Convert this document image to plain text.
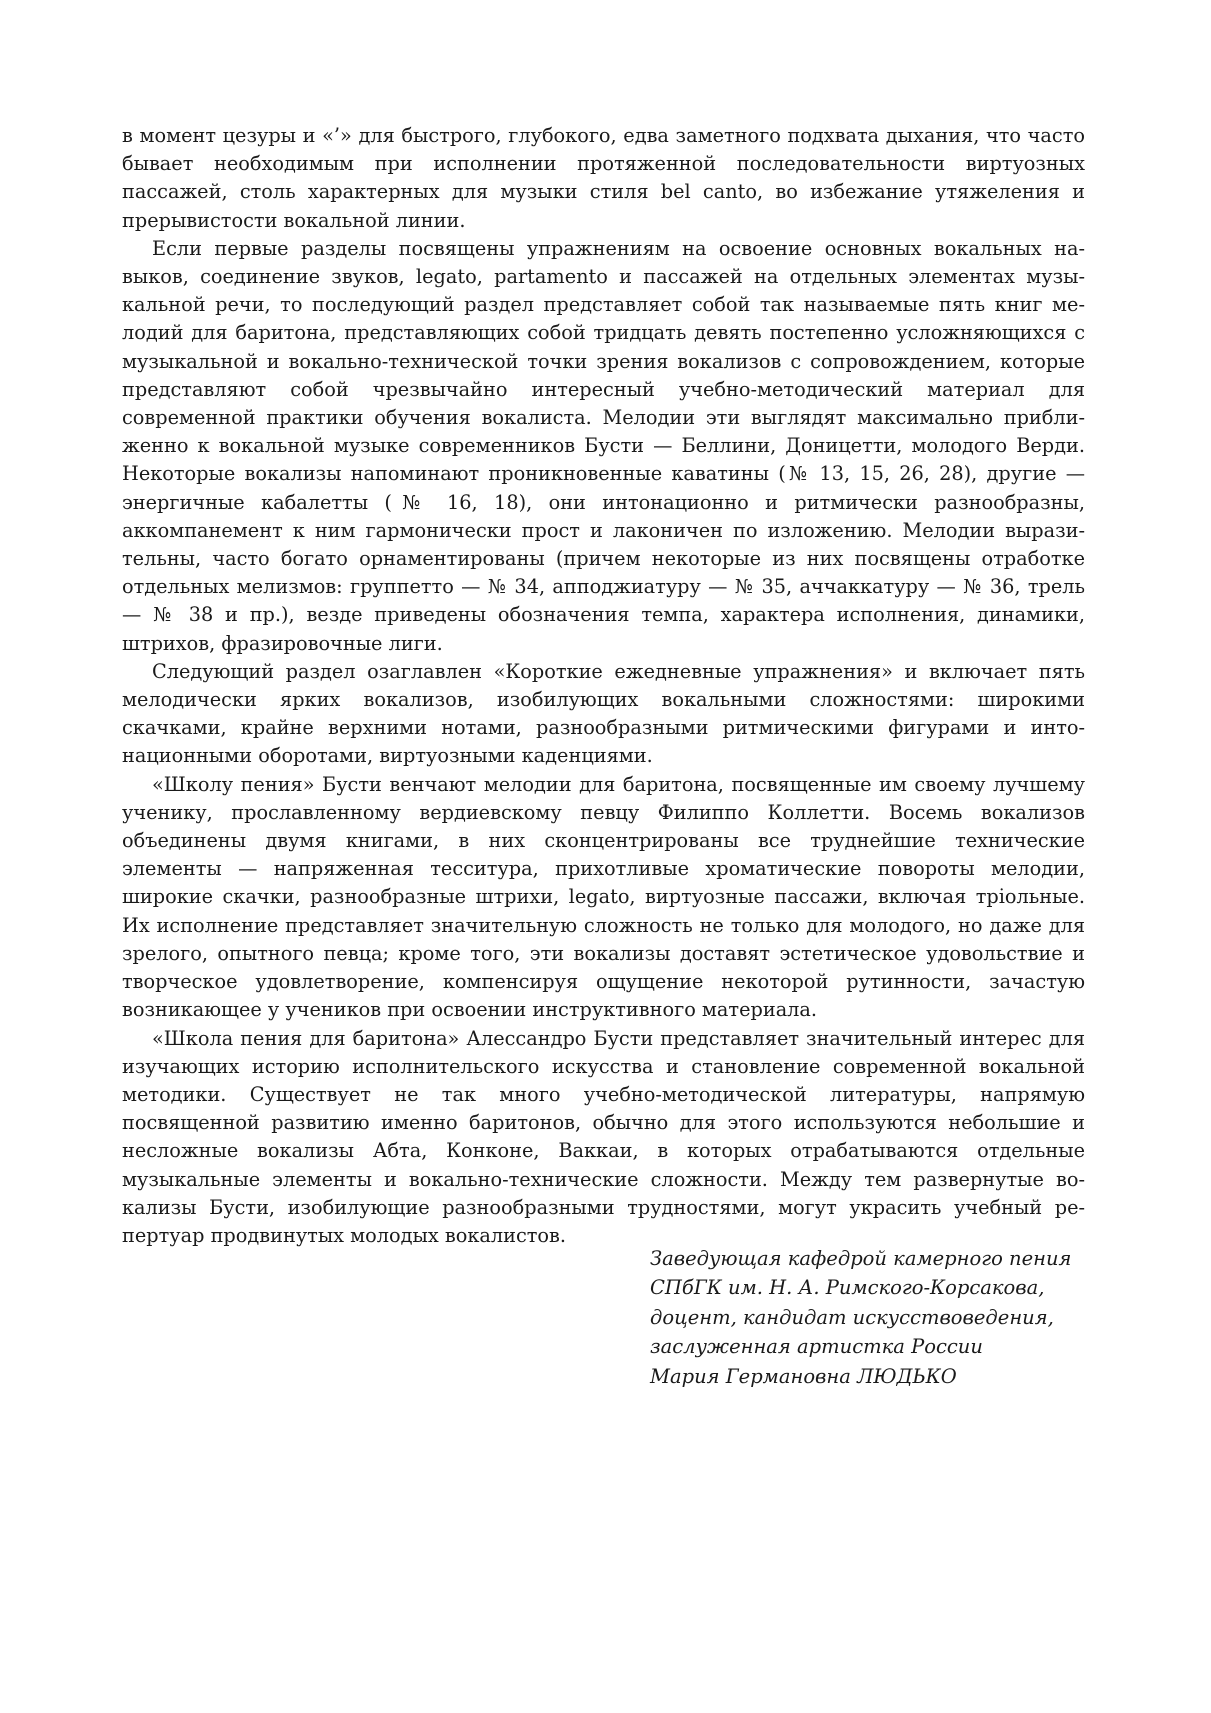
в момент цезуры и «’» для быстрого, глубокого, едва заметного подхвата дыхания, что часто бывает необходимым при исполнении протяженной последовательности виртуозных пассажей, столь характерных для музыки стиля bel canto, во избежание утяжеления и прерывистости вокальной линии.

Если первые разделы посвящены упражнениям на освоение основных вокальных навыков, соединение звуков, legato, partamento и пассажей на отдельных элементах музыкальной речи, то последующий раздел представляет собой так называемые пять книг мелодий для баритона, представляющих собой тридцать девять постепенно усложняющихся с музыкальной и вокально-технической точки зрения вокализов с сопровождением, которые представляют собой чрезвычайно интересный учебно-методический материал для современной практики обучения вокалиста. Мелодии эти выглядят максимально приближенно к вокальной музыке современников Бусти — Беллини, Доницетти, молодого Верди. Некоторые вокализы напоминают проникновенные каватины (№ 13, 15, 26, 28), другие — энергичные кабалетты (№ 16, 18), они интонационно и ритмически разнообразны, аккомпанемент к ним гармонически прост и лаконичен по изложению. Мелодии выразительны, часто богато орнаментированы (причем некоторые из них посвящены отработке отдельных мелизмов: группетто — № 34, апподжиатуру — № 35, аччаккатуру — № 36, трель — № 38 и пр.), везде приведены обозначения темпа, характера исполнения, динамики, штрихов, фразировочные лиги.

Следующий раздел озаглавлен «Короткие ежедневные упражнения» и включает пять мелодически ярких вокализов, изобилующих вокальными сложностями: широкими скачками, крайне верхними нотами, разнообразными ритмическими фигурами и интонационными оборотами, виртуозными каденциями.

«Школу пения» Бусти венчают мелодии для баритона, посвященные им своему лучшему ученику, прославленному вердиевскому певцу Филиппо Коллетти. Восемь вокализов объединены двумя книгами, в них сконцентрированы все труднейшие технические элементы — напряженная тесситура, прихотливые хроматические повороты мелодии, широкие скачки, разнообразные штрихи, legato, виртуозные пассажи, включая трioльные. Их исполнение представляет значительную сложность не только для молодого, но даже для зрелого, опытного певца; кроме того, эти вокализы доставят эстетическое удовольствие и творческое удовлетворение, компенсируя ощущение некоторой рутинности, зачастую возникающее у учеников при освоении инструктивного материала.

«Школа пения для баритона» Алессандро Бусти представляет значительный интерес для изучающих историю исполнительского искусства и становление современной вокальной методики. Существует не так много учебно-методической литературы, напрямую посвященной развитию именно баритонов, обычно для этого используются небольшие и несложные вокализы Абта, Конконе, Ваккаи, в которых отрабатываются отдельные музыкальные элементы и вокально-технические сложности. Между тем развернутые вокализы Бусти, изобилующие разнообразными трудностями, могут украсить учебный репертуар продвинутых молодых вокалистов.

Заведующая кафедрой камерного пения
СПбГК им. Н. А. Римского-Корсакова,
доцент, кандидат искусствоведения,
заслуженная артистка России
Мария Германовна ЛЮДЬКО
